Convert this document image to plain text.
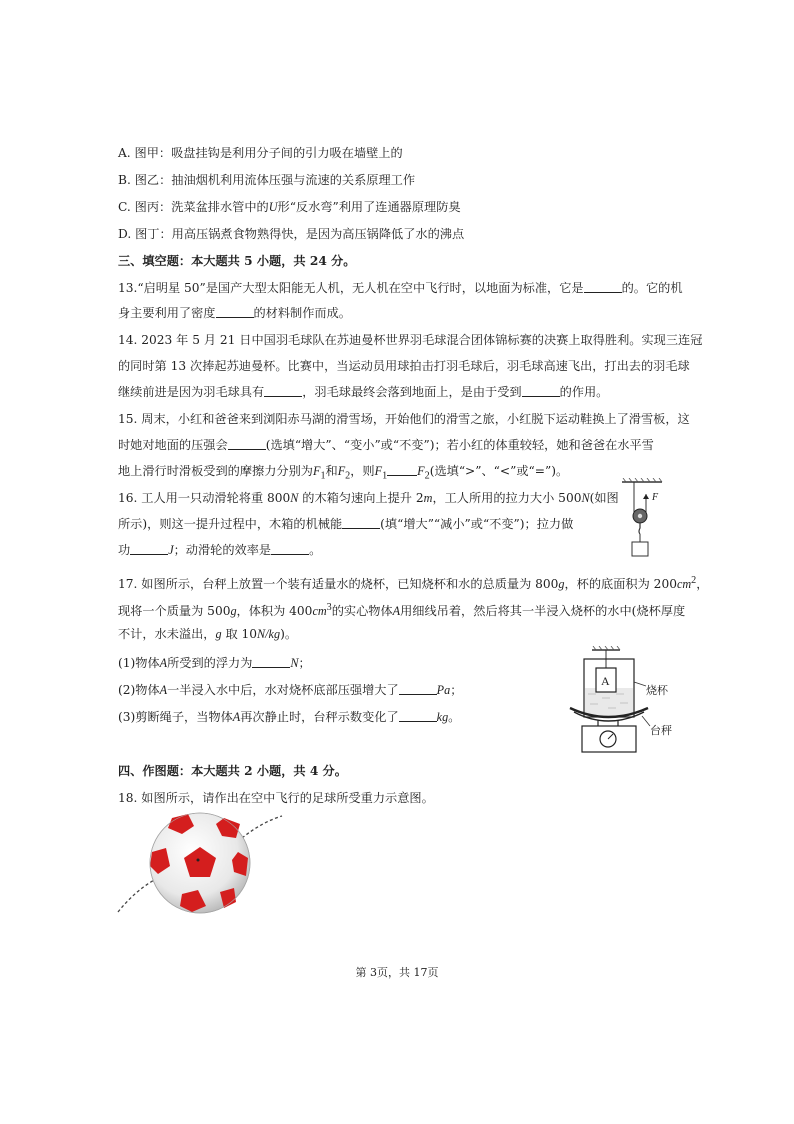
A. 图甲：吸盘挂钩是利用分子间的引力吸在墙壁上的
B. 图乙：抽油烟机利用流体压强与流速的关系原理工作
C. 图丙：洗菜盆排水管中的U形“反水弯”利用了连通器原理防臭
D. 图丁：用高压锅煮食物熟得快，是因为高压锅降低了水的沸点
三、填空题：本大题共 5 小题，共 24 分。
13.“启明星 50”是国产大型太阳能无人机，无人机在空中飞行时，以地面为标准，它是	的。它的机
身主要利用了密度	的材料制作而成。
14. 2023 年 5 月 21 日中国羽毛球队在苏迪曼杯世界羽毛球混合团体锦标赛的决赛上取得胜利。实现三连冠
的同时第 13 次捧起苏迪曼杯。比赛中，当运动员用球拍击打羽毛球后，羽毛球高速飞出，打出去的羽毛球
继续前进是因为羽毛球具有	，羽毛球最终会落到地面上，是由于受到	的作用。
15. 周末，小红和爸爸来到浏阳赤马湖的滑雪场，开始他们的滑雪之旅，小红脱下运动鞋换上了滑雪板，这
时她对地面的压强会	(选填“增大”、“变小”或“不变”)；若小红的体重较轻，她和爸爸在水平雪
地上滑行时滑板受到的摩擦力分别为$F_1$和$F_2$，则$F_1$ $F_2$(选填“>”、“<”或“=”)。
16. 工人用一只动滑轮将重 800N 的木箱匀速向上提升 2m，工人所用的拉力大小 500N(如图
所示)，则这一提升过程中，木箱的机械能	(填“增大”“减小”或“不变”)；拉力做
功	J；动滑轮的效率是	。
F
17. 如图所示，台秤上放置一个装有适量水的烧杯，已知烧杯和水的总质量为 800g，杯的底面积为 $200cm^2$，
现将一个质量为 500g，体积为 $400cm^3$的实心物体A用细线吊着，然后将其一半浸入烧杯的水中(烧杯厚度
不计，水未溢出，g 取 10N/kg)。
(1)物体A所受到的浮力为	N；
(2)物体A一半浸入水中后，水对烧杯底部压强增大了	Pa；
(3)剪断绳子，当物体A再次静止时，台秤示数变化了	kg。
A
烧杯
台秤
四、作图题：本大题共 2 小题，共 4 分。
18. 如图所示，请作出在空中飞行的足球所受重力示意图。
第 3页，共 17页
